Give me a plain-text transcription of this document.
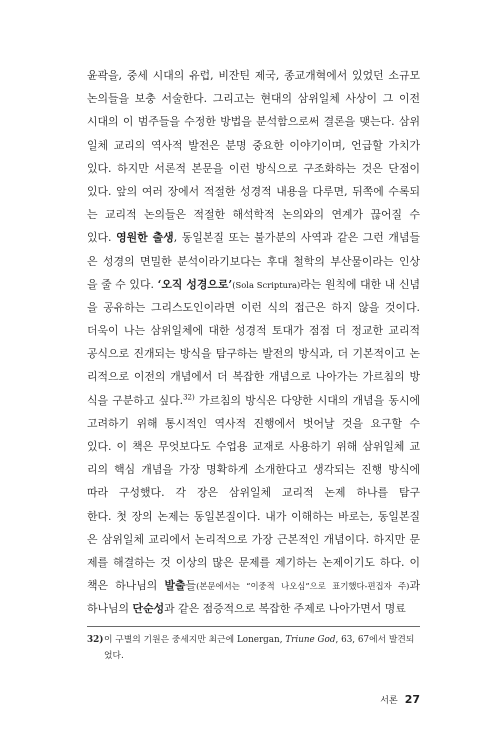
윤곽을, 중세 시대의 유럽, 비잔틴 제국, 종교개혁에서 있었던 소규모
논의들을 보충 서술한다. 그리고는 현대의 삼위일체 사상이 그 이전
시대의 이 범주들을 수정한 방법을 분석함으로써 결론을 맺는다. 삼위
일체 교리의 역사적 발전은 분명 중요한 이야기이며, 언급할 가치가
있다. 하지만 서론적 본문을 이런 방식으로 구조화하는 것은 단점이
있다. 앞의 여러 장에서 적절한 성경적 내용을 다루면, 뒤쪽에 수록되
는 교리적 논의들은 적절한 해석학적 논의와의 연계가 끊어질 수
있다. 영원한 출생, 동일본질 또는 불가분의 사역과 같은 그런 개념들
은 성경의 면밀한 분석이라기보다는 후대 철학의 부산물이라는 인상
을 줄 수 있다. ‘오직 성경으로’(Sola Scriptura)라는 원칙에 대한 내 신념
을 공유하는 그리스도인이라면 이런 식의 접근은 하지 않을 것이다.
더욱이 나는 삼위일체에 대한 성경적 토대가 점점 더 정교한 교리적
공식으로 진개되는 방식을 탐구하는 발전의 방식과, 더 기본적이고 논
리적으로 이전의 개념에서 더 복잡한 개념으로 나아가는 가르침의 방
식을 구분하고 싶다.$^{32)}$ 가르침의 방식은 다양한 시대의 개념을 동시에
고려하기 위해 통시적인 역사적 진행에서 벗어날 것을 요구할 수
있다. 이 책은 무엇보다도 수업용 교재로 사용하기 위해 삼위일체 교
리의 핵심 개념을 가장 명확하게 소개한다고 생각되는 진행 방식에
따라 구성했다. 각 장은 삼위일체 교리적 논제 하나를 탐구
한다. 첫 장의 논제는 동일본질이다. 내가 이해하는 바로는, 동일본질
은 삼위일체 교리에서 논리적으로 가장 근본적인 개념이다. 하지만 문
제를 해결하는 것 이상의 많은 문제를 제기하는 논제이기도 하다. 이
책은 하나님의 발출들(본문에서는 “이중적 나오심”으로 표기했다-편집자 주)과
하나님의 단순성과 같은 점증적으로 복잡한 주제로 나아가면서 명료
32)이 구별의 기원은 중세지만 최근에 Lonergan, Triune God, 63, 67에서 발견되
었다.
서론 27
